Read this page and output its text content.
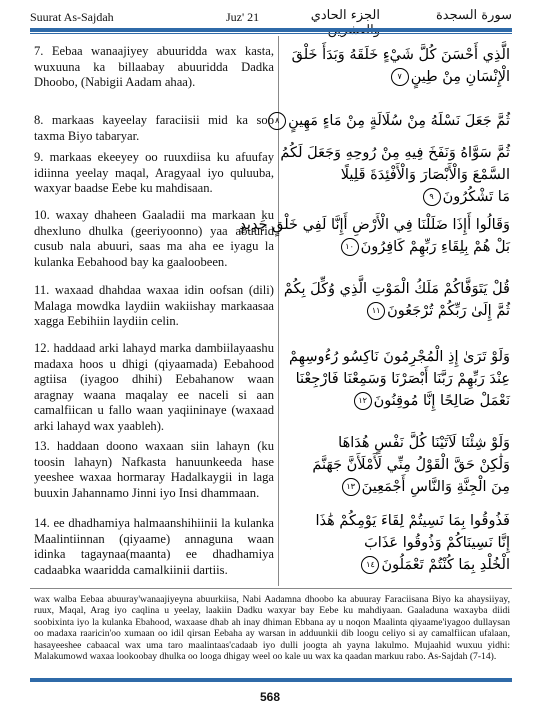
Suurat As-Sajdah	Juz' 21	الجزء الحادي	سورة السجدة
7. Eebaa wanaajiyey abuuridda wax kasta, wuxuuna ka billaabay abuuridda Dadka Dhoobo, (Nabigii Aadam ahaa).
8. markaas kayeelay faraciisii mid ka soo taxma Biyo tabaryar.
9. markaas ekeeyey oo ruuxdiisa ku afuufay idiinna yeelay maqal, Aragyaal iyo quluuba, waxyar baadse Eebe ku mahdisaan.
10. waxay dhaheen Gaaladii ma markaan ku dhexluno dhulka (geeriyoonno) yaa abuurid cusub nala abuuri, saas ma aha ee iyagu la kulanka Eebahood bay ka gaaloobeen.
11. waxaad dhahdaa waxaa idin oofsan (dili) Malaga mowdka laydiin wakiishay markaasaa xagga Eebihiin laydiin celin.
12. haddaad arki lahayd marka dambiilayaashu madaxa hoos u dhigi (qiyaamada) Eebahood agtiisa (iyagoo dhihi) Eebahanow waan aragnay waana maqalay ee naceli si aan camalfiican u fallo waan yaqiininaye (waxaad arki lahayd wax yaableh).
13. haddaan doono waxaan siin lahayn (ku toosin lahayn) Nafkasta hanuunkeeda hase yeeshee waxaa hormaray Hadalkaygii in laga buuxin Jahannamo Jinni iyo Insi dhammaan.
14. ee dhadhamiya halmaanshihiinii la kulanka Maalintiinnan (qiyaame) annaguna waan idinka tagaynaa(maanta) ee dhadhamiya cadaabka waaridda camalkiinii dartiis.
الَّذِي أَحْسَنَ كُلَّ شَيْءٍ خَلَقَهُ وَبَدَأَ خَلْقَ
الْإِنْسَانِ مِنْ طِينٍ٧
ثُمَّ جَعَلَ نَسْلَهُ مِنْ سُلَالَةٍ مِنْ مَاءٍ مَهِينٍ٨
ثُمَّ سَوَّاهُ وَنَفَخَ فِيهِ مِنْ رُوحِهِ وَجَعَلَ لَكُمُ
السَّمْعَ وَالْأَبْصَارَ وَالْأَفْئِدَةَ قَلِيلًا
مَا تَشْكُرُونَ٩
وَقَالُوا أَإِذَا ضَلَلْنَا فِي الْأَرْضِ أَإِنَّا لَفِي خَلْقٍ جَدِيدٍ
بَلْ هُمْ بِلِقَاءِ رَبِّهِمْ كَافِرُونَ١٠
قُلْ يَتَوَفَّاكُمْ مَلَكُ الْمَوْتِ الَّذِي وُكِّلَ بِكُمْ
ثُمَّ إِلَىٰ رَبِّكُمْ تُرْجَعُونَ١١
وَلَوْ تَرَىٰ إِذِ الْمُجْرِمُونَ نَاكِسُو رُءُوسِهِمْ
عِنْدَ رَبِّهِمْ رَبَّنَا أَبْصَرْنَا وَسَمِعْنَا فَارْجِعْنَا
نَعْمَلْ صَالِحًا إِنَّا مُوقِنُونَ١٢
وَلَوْ شِئْنَا لَآتَيْنَا كُلَّ نَفْسٍ هُدَاهَا
وَلَٰكِنْ حَقَّ الْقَوْلُ مِنِّي لَأَمْلَأَنَّ جَهَنَّمَ
مِنَ الْجِنَّةِ وَالنَّاسِ أَجْمَعِينَ١٣
فَذُوقُوا بِمَا نَسِيتُمْ لِقَاءَ يَوْمِكُمْ هَٰذَا
إِنَّا نَسِينَاكُمْ وَذُوقُوا عَذَابَ
الْخُلْدِ بِمَا كُنْتُمْ تَعْمَلُونَ١٤
wax walba Eebaa abuuray'wanaajiyeyna abuurkiisa, Nabi Aadamna dhoobo ka abuuray Faraciisana Biyo ka ahaysiiyay, ruux, Maqal, Arag iyo caqlina u yeelay, laakiin Dadku waxyar bay Eebe ku mahdiyaan. Gaaladuna waxayba diidi soobixinta iyo la kulanka Ebahood, waxaase dhab ah inay dhiman Ebbana ay u noqon Maalinta qiyaame'iyagoo dullaysan oo madaxa raaricin'oo xumaan oo idil qirsan Eebaha ay warsan in adduunkii dib loogu celiyo si ay camalfiican ufalaan, hasayeeshee cabaacal wax uma taro maalintaas'cadaab iyo dulli joogta ah yayna lakulmo. Mujaahid wuxuu yidhi: Malakumowd waxaa lookoobay dhulka oo looga dhigay weel oo kale uu wax ka qaadan markuu rabo. As-Sajdah (7-14).
568
